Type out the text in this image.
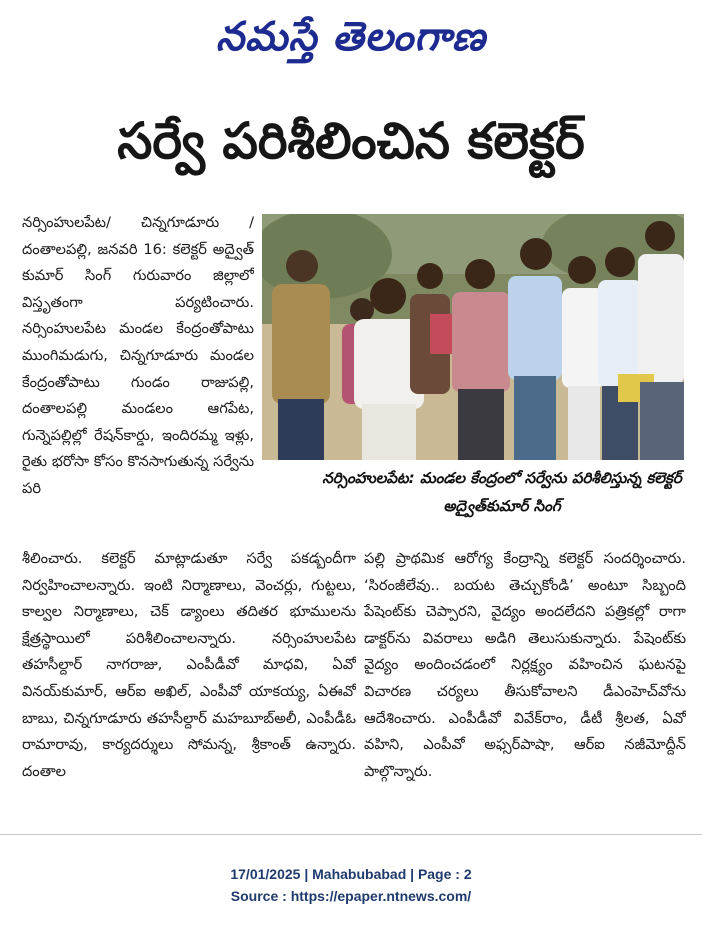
నమస్తే తెలంగాణ
సర్వే పరిశీలించిన కలెక్టర్
నర్సింహులపేట/ చిన్నగూడూరు /దంతాలపల్లి, జనవరి 16: కలెక్టర్ అద్వైత్ కుమార్ సింగ్ గురువారం జిల్లాలో విస్తృతంగా పర్యటించారు. నర్సింహులపేట మండల కేంద్రంతోపాటు ముంగిమడుగు, చిన్నగూడూరు మండల కేంద్రంతోపాటు గుండం రాజుపల్లి, దంతాలపల్లి మండలం ఆగపేట, గున్నెపల్లిల్లో రేషన్‌కార్డు, ఇందిరమ్మ ఇళ్లు, రైతు భరోసా కోసం కొనసాగుతున్న సర్వేను పరి
నర్సింహులపేట: మండల కేంద్రంలో సర్వేను పరిశీలిస్తున్న కలెక్టర్ అద్వైత్‌కుమార్ సింగ్
శీలించారు. కలెక్టర్ మాట్లాడుతూ సర్వే పకడ్బందీగా నిర్వహించాలన్నారు. ఇంటి నిర్మాణాలు, వెంచర్లు, గుట్టలు, కాల్వల నిర్మాణాలు, చెక్ డ్యాంలు తదితర భూములను క్షేత్రస్థాయిలో పరిశీలించాలన్నారు. నర్సింహులపేట తహసీల్దార్ నాగరాజు, ఎంపీడీవో మాధవి, ఏవో వినయ్‌కుమార్, ఆర్‌ఐ అఖిల్, ఎంపీవో యాకయ్య, ఏఈవో బాబు, చిన్నగూడూరు తహసీల్దార్ మహబూబ్‌అలీ, ఎంపీడీఓ రామారావు, కార్యదర్శులు సోమన్న, శ్రీకాంత్ ఉన్నారు. దంతాల
పల్లి ప్రాథమిక ఆరోగ్య కేంద్రాన్ని కలెక్టర్ సందర్శించారు. ‘సిరంజీలేవు.. బయట తెచ్చుకోండి’ అంటూ సిబ్బంది పేషెంట్‌కు చెప్పారని, వైద్యం అందలేదని పత్రికల్లో రాగా డాక్టర్‌ను వివరాలు అడిగి తెలుసుకున్నారు. పేషెంట్‌కు వైద్యం అందించడంలో నిర్లక్ష్యం వహించిన ఘటనపై విచారణ చర్యలు తీసుకోవాలని డీఎంహెచ్‌వోను ఆదేశించారు. ఎంపీడీవో వివేక్‌రాం, డీటీ శ్రీలత, ఏవో వహిని, ఎంపీవో అఫ్సర్‌పాషా, ఆర్‌ఐ నజీమోద్దీన్ పాల్గొన్నారు.
17/01/2025 | Mahabubabad | Page : 2
Source : https://epaper.ntnews.com/
